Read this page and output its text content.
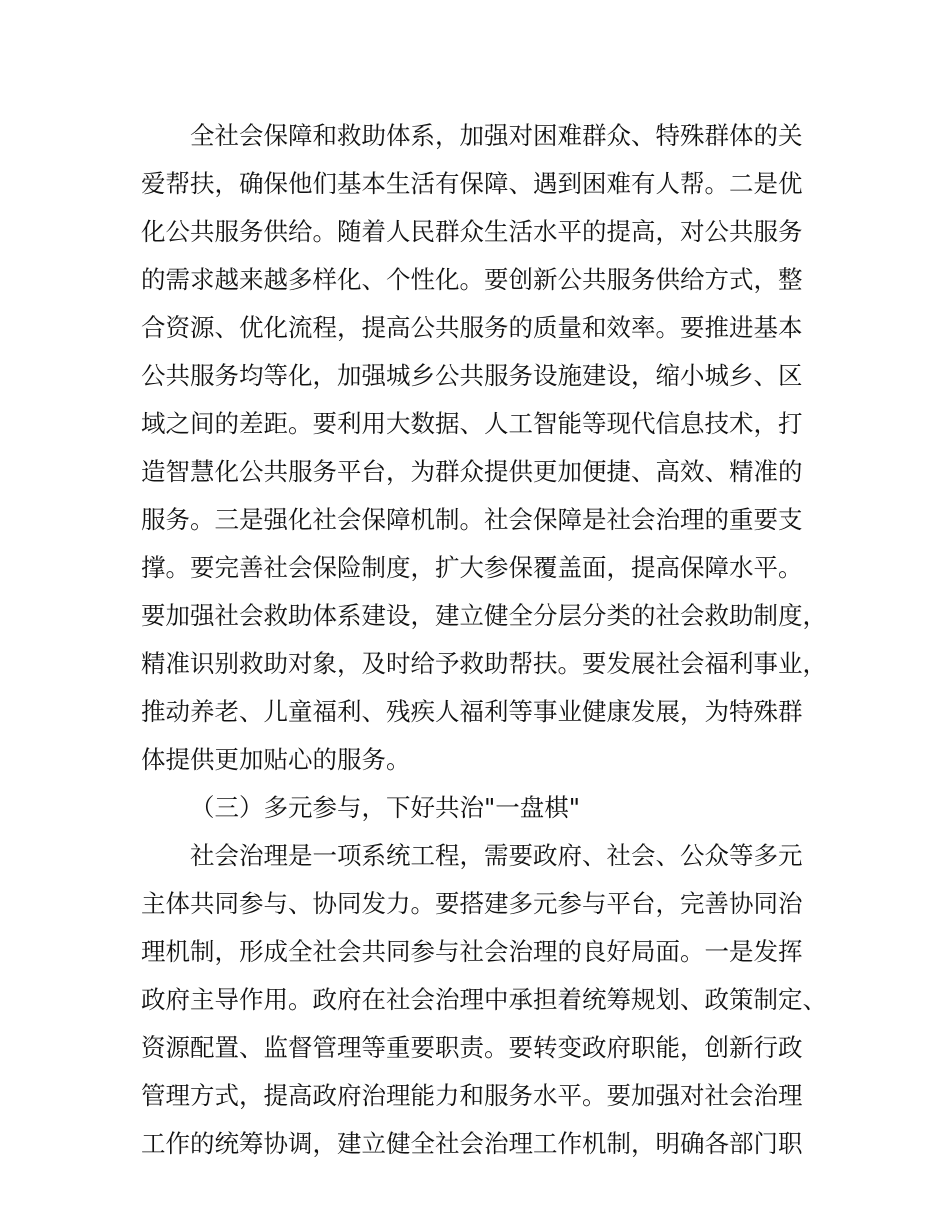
全社会保障和救助体系，加强对困难群众、特殊群体的关
爱帮扶，确保他们基本生活有保障、遇到困难有人帮。二是优
化公共服务供给。随着人民群众生活水平的提高，对公共服务
的需求越来越多样化、个性化。要创新公共服务供给方式，整
合资源、优化流程，提高公共服务的质量和效率。要推进基本
公共服务均等化，加强城乡公共服务设施建设，缩小城乡、区
域之间的差距。要利用大数据、人工智能等现代信息技术，打
造智慧化公共服务平台，为群众提供更加便捷、高效、精准的
服务。三是强化社会保障机制。社会保障是社会治理的重要支
撑。要完善社会保险制度，扩大参保覆盖面，提高保障水平。
要加强社会救助体系建设，建立健全分层分类的社会救助制度，
精准识别救助对象，及时给予救助帮扶。要发展社会福利事业，
推动养老、儿童福利、残疾人福利等事业健康发展，为特殊群
体提供更加贴心的服务。
（三）多元参与，下好共治"一盘棋"
社会治理是一项系统工程，需要政府、社会、公众等多元
主体共同参与、协同发力。要搭建多元参与平台，完善协同治
理机制，形成全社会共同参与社会治理的良好局面。一是发挥
政府主导作用。政府在社会治理中承担着统筹规划、政策制定、
资源配置、监督管理等重要职责。要转变政府职能，创新行政
管理方式，提高政府治理能力和服务水平。要加强对社会治理
工作的统筹协调，建立健全社会治理工作机制，明确各部门职
